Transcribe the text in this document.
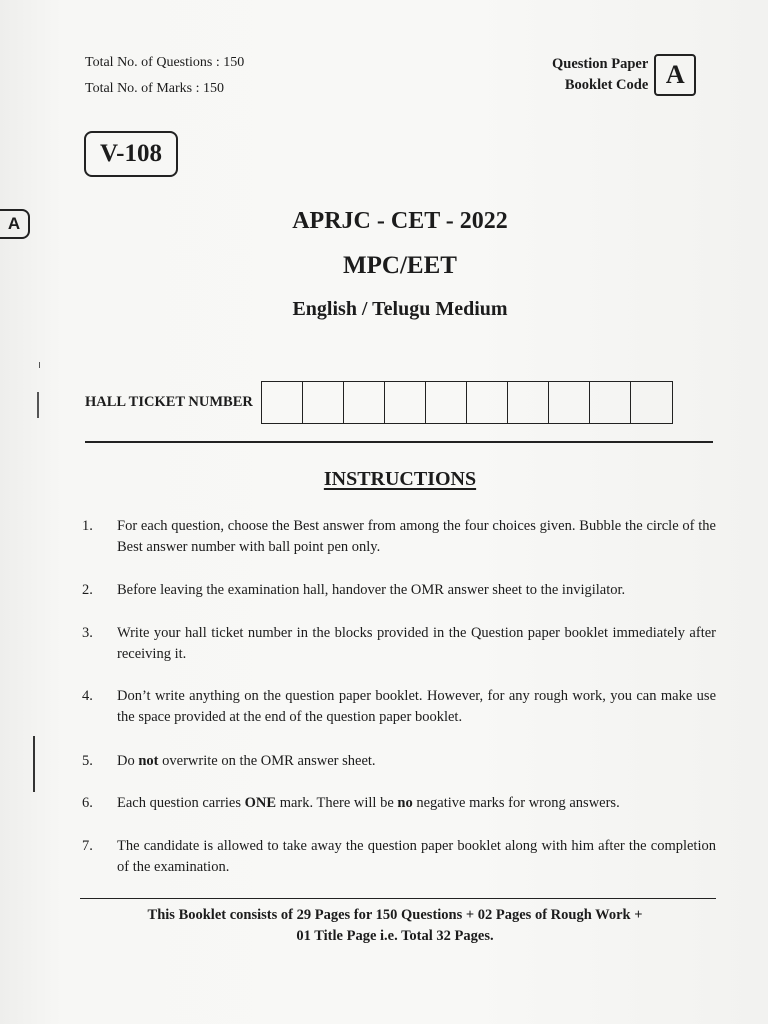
Total No. of Questions : 150
Total No. of Marks : 150
Question Paper
Booklet Code A
V-108
A	APRJC - CET - 2022
MPC/EET
English / Telugu Medium
HALL TICKET NUMBER
INSTRUCTIONS
1.	For each question, choose the Best answer from among the four choices given. Bubble the circle of the Best answer number with ball point pen only.
2.	Before leaving the examination hall, handover the OMR answer sheet to the invigilator.
3.	Write your hall ticket number in the blocks provided in the Question paper booklet immediately after receiving it.
4.	Don’t write anything on the question paper booklet. However, for any rough work, you can make use the space provided at the end of the question paper booklet.
5.	Do not overwrite on the OMR answer sheet.
6.	Each question carries ONE mark. There will be no negative marks for wrong answers.
7.	The candidate is allowed to take away the question paper booklet along with him after the completion of the examination.
This Booklet consists of 29 Pages for 150 Questions + 02 Pages of Rough Work +
01 Title Page i.e. Total 32 Pages.
